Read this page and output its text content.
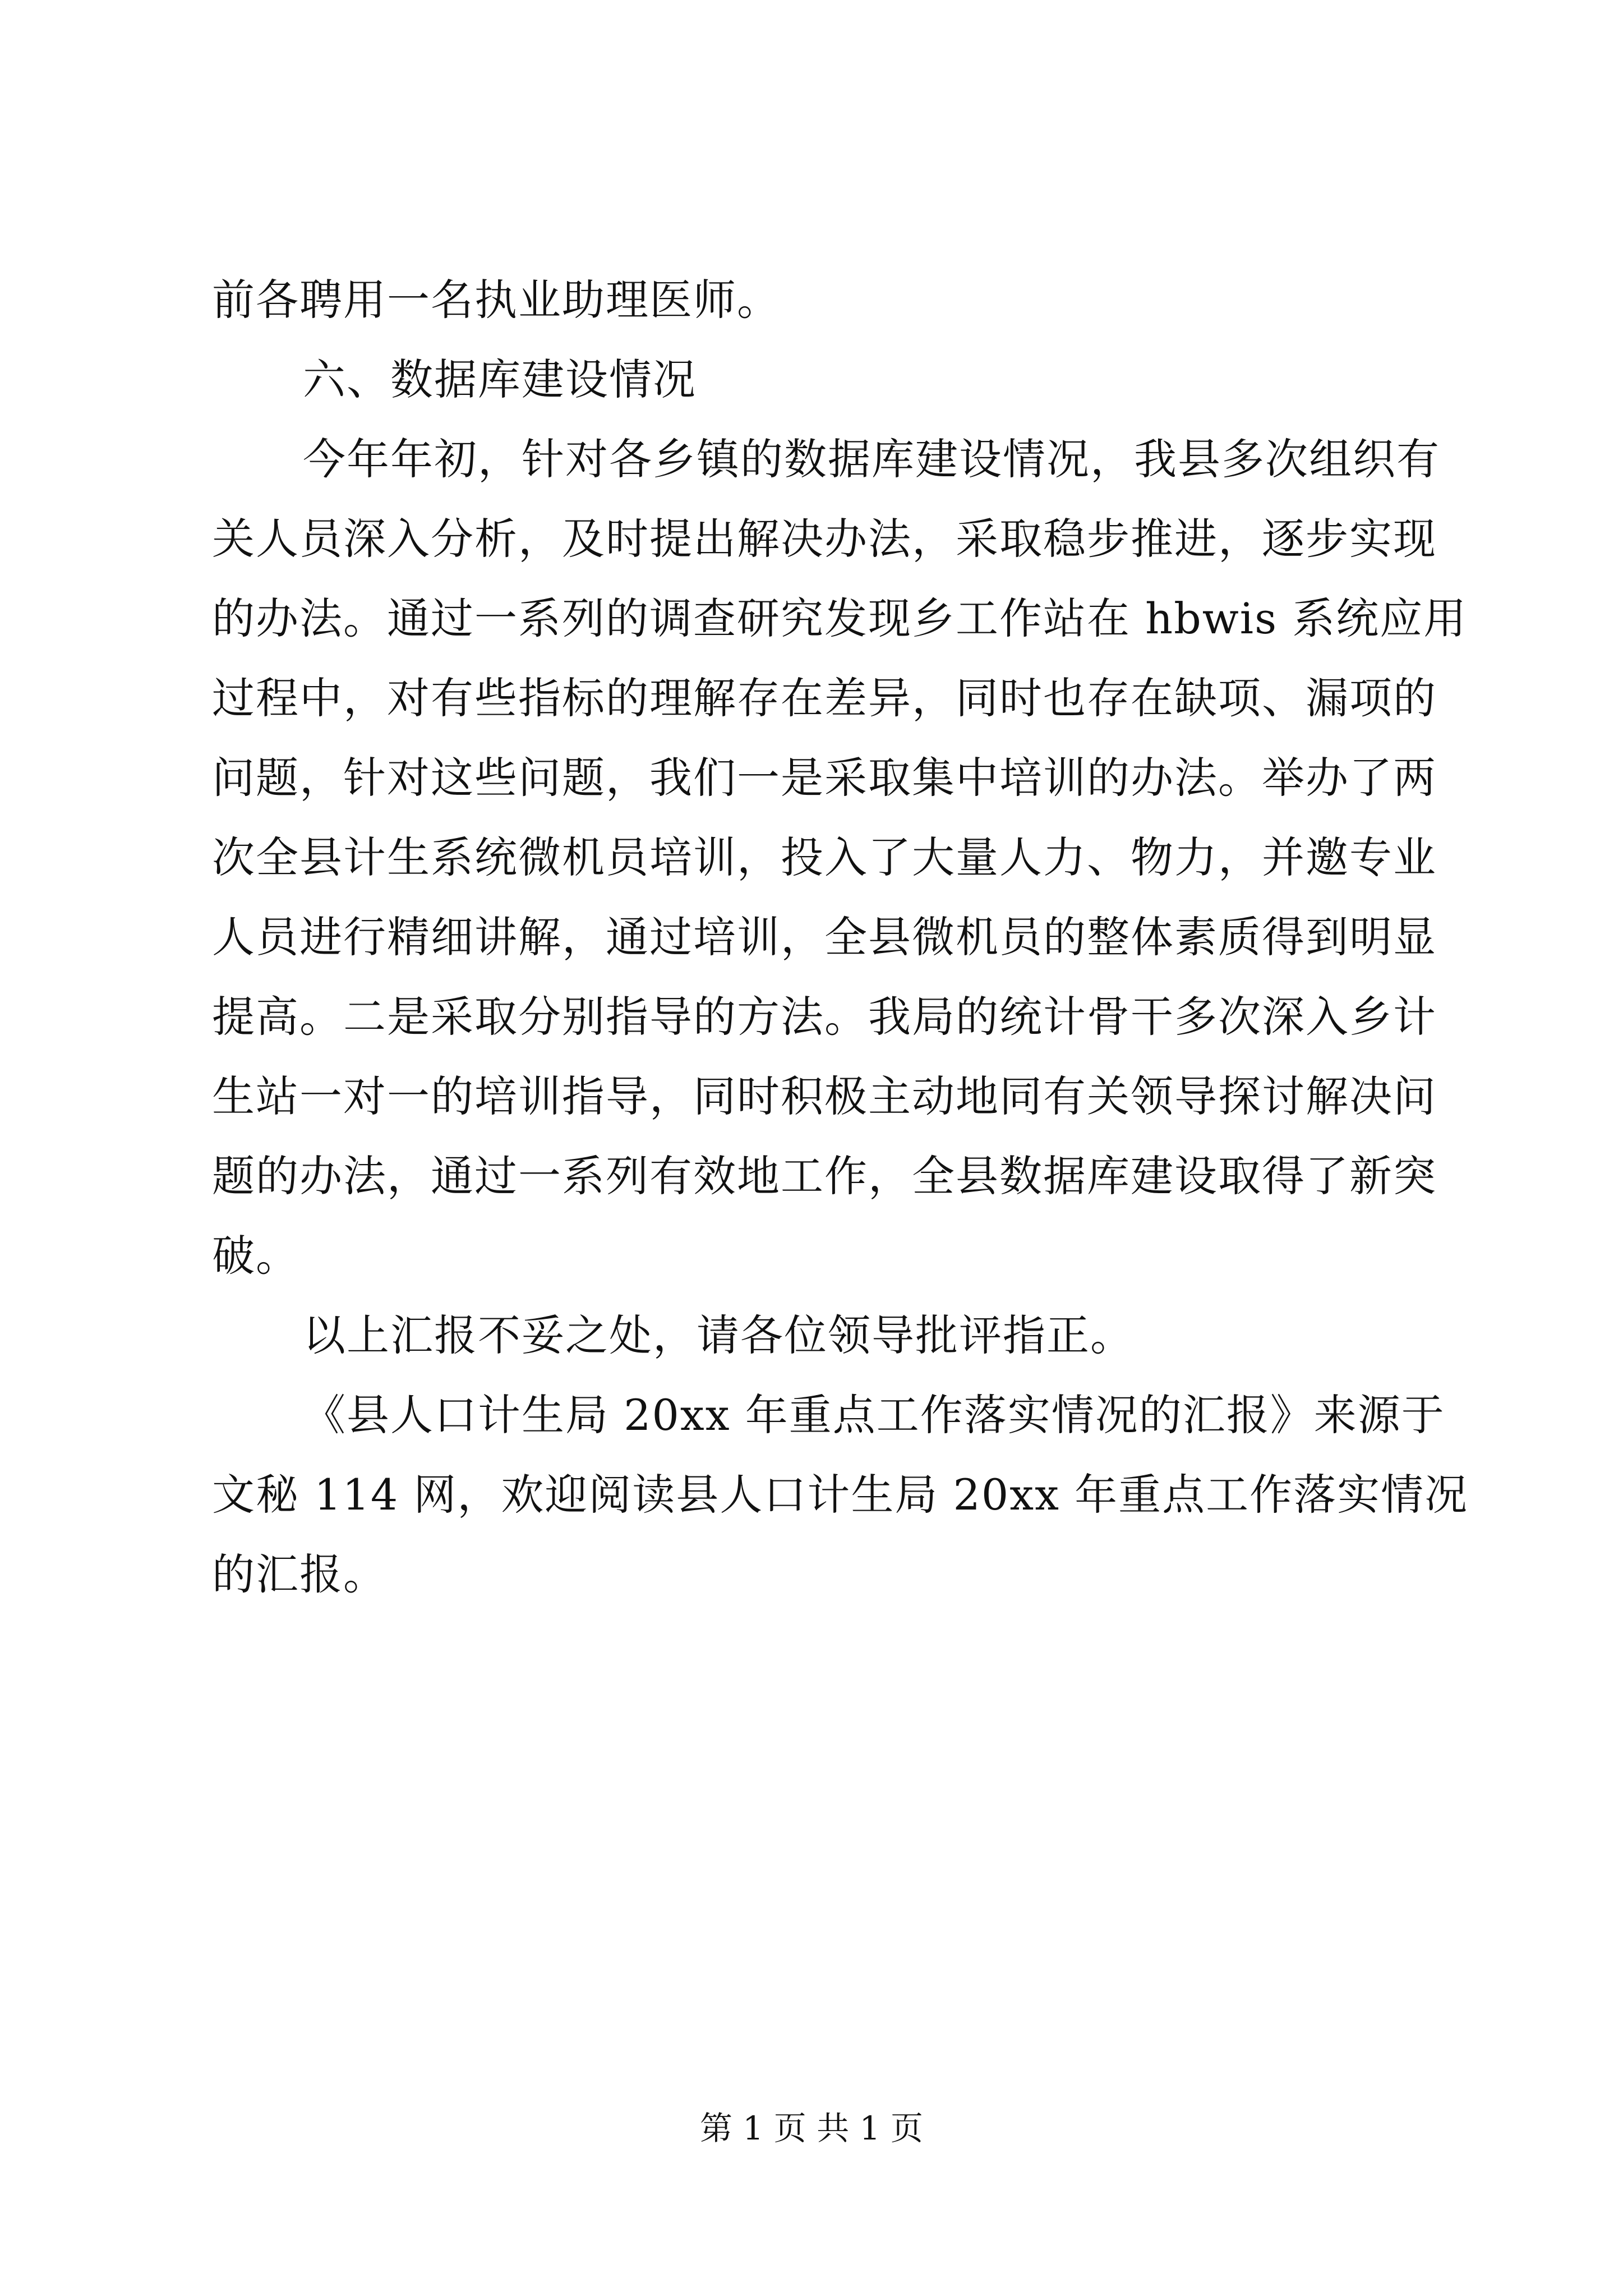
前各聘用一名执业助理医师。
六、数据库建设情况
今年年初，针对各乡镇的数据库建设情况，我县多次组织有
关人员深入分析，及时提出解决办法，采取稳步推进，逐步实现
的办法。通过一系列的调查研究发现乡工作站在 hbwis 系统应用
过程中，对有些指标的理解存在差异，同时也存在缺项、漏项的
问题，针对这些问题，我们一是采取集中培训的办法。举办了两
次全县计生系统微机员培训，投入了大量人力、物力，并邀专业
人员进行精细讲解，通过培训，全县微机员的整体素质得到明显
提高。二是采取分别指导的方法。我局的统计骨干多次深入乡计
生站一对一的培训指导，同时积极主动地同有关领导探讨解决问
题的办法，通过一系列有效地工作，全县数据库建设取得了新突
破。
以上汇报不妥之处，请各位领导批评指正。
《县人口计生局 20xx 年重点工作落实情况的汇报》来源于
文秘 114 网，欢迎阅读县人口计生局 20xx 年重点工作落实情况
的汇报。
第 1 页 共 1 页
